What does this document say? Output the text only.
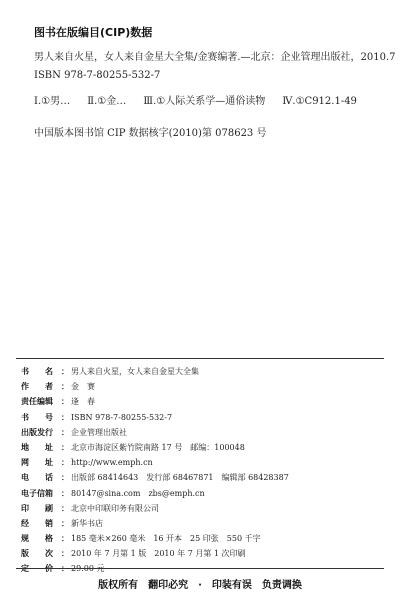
图书在版编目(CIP)数据
男人来自火星，女人来自金星大全集/金赛编著.—北京：企业管理出版社，2010.7
ISBN 978-7-80255-532-7
Ⅰ.①男… Ⅱ.①金… Ⅲ.①人际关系学—通俗读物 Ⅳ.①C912.1-49
中国版本图书馆 CIP 数据核字(2010)第 078623 号
书　　名	： 男人来自火星，女人来自金星大全集
作　　者	： 金　赛
责任编辑	： 逢　春
书　　号	： ISBN 978-7-80255-532-7
出版发行	： 企业管理出版社
地　　址	： 北京市海淀区紫竹院南路 17 号　邮编：100048
网　　址	： http://www.emph.cn
电　　话	： 出版部 68414643　发行部 68467871　编辑部 68428387
电子信箱	： 80147@sina.com　zbs@emph.cn
印　　刷	： 北京中印联印务有限公司
经　　销	： 新华书店
规　　格	： 185 毫米×260 毫米　16 开本　25 印张　550 千字
版　　次	： 2010 年 7 月第 1 版　2010 年 7 月第 1 次印刷
定　　价	： 29.00 元
版权所有　翻印必究　·　印装有误　负责调换
